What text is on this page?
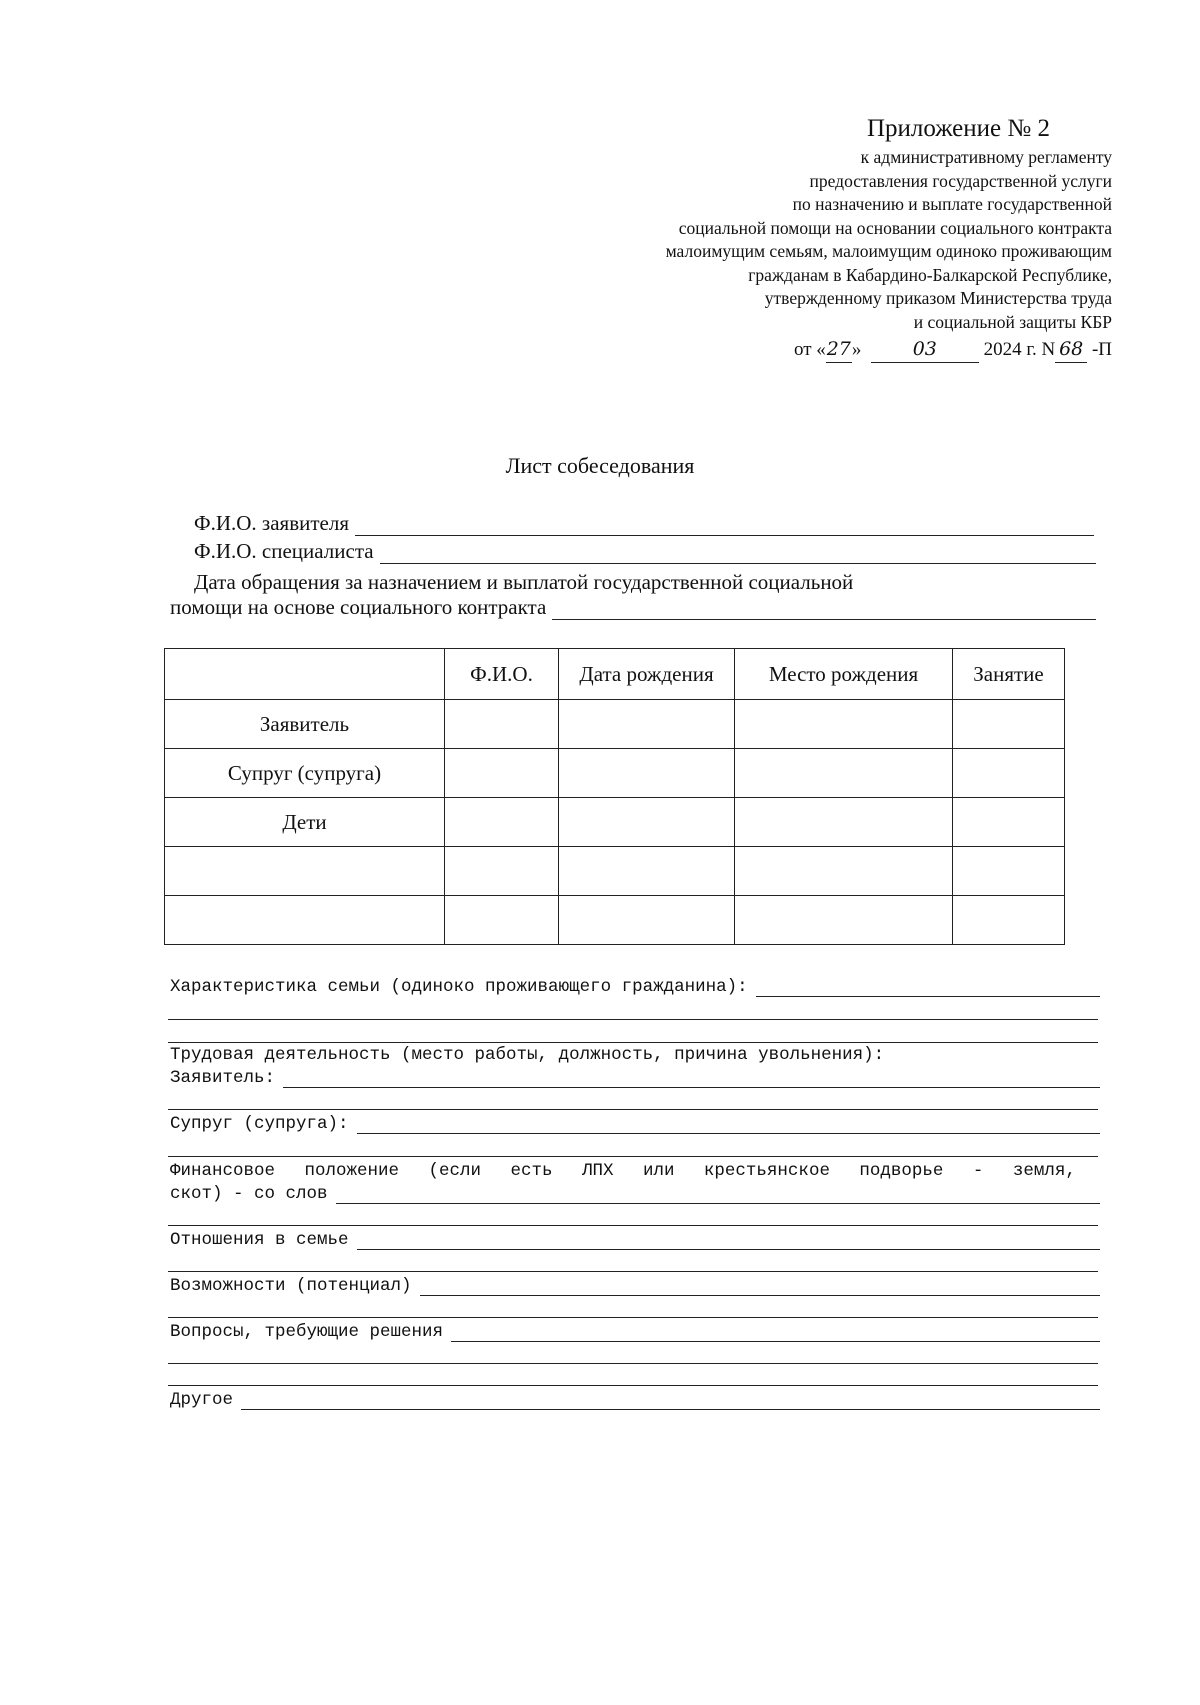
Приложение № 2
к административному регламенту
предоставления государственной услуги
по назначению и выплате государственной
социальной помощи на основании социального контракта
малоимущим семьям, малоимущим одиноко проживающим
гражданам в Кабардино-Балкарской Республике,
утвержденному приказом Министерства труда
и социальной защиты КБР
от «27»	03 2024 г. N 68 -П
Лист собеседования
Ф.И.О. заявителя
Ф.И.О. специалиста
Дата обращения за назначением и выплатой государственной социальной
помощи на основе социального контракта
	Ф.И.О.	Дата рождения	Место рождения	Занятие
Заявитель				
Супруг (супруга)				
Дети				

Характеристика семьи (одиноко проживающего гражданина):
Трудовая деятельность (место работы, должность, причина увольнения):
Заявитель:
Супруг (супруга):
Финансовое положение (если есть ЛПХ или крестьянское подворье - земля,
скот) - со слов
Отношения в семье
Возможности (потенциал)
Вопросы, требующие решения
Другое
